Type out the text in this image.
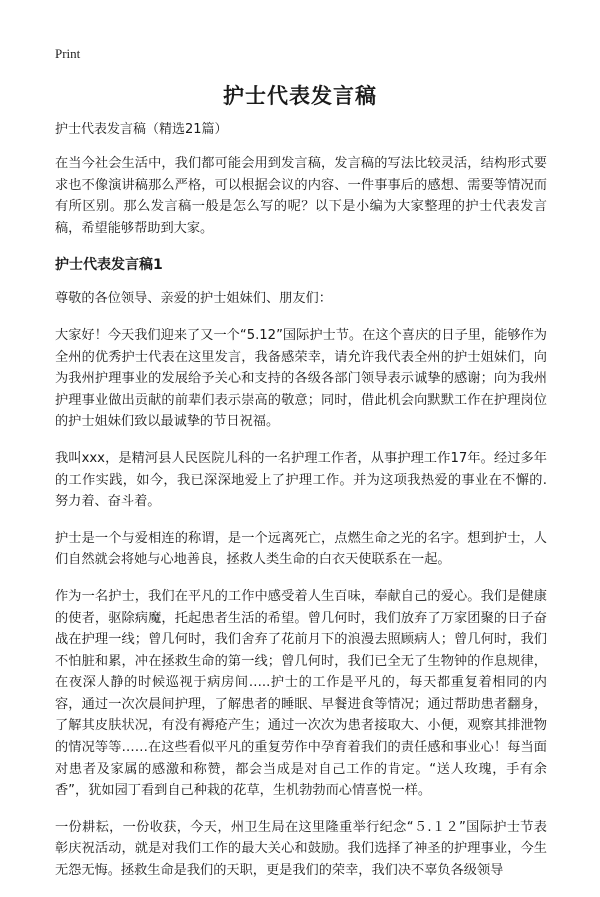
Print
护士代表发言稿
护士代表发言稿（精选21篇）

在当今社会生活中，我们都可能会用到发言稿，发言稿的写法比较灵活，结构形式要求也不像演讲稿那么严格，可以根据会议的内容、一件事事后的感想、需要等情况而有所区别。那么发言稿一般是怎么写的呢？以下是小编为大家整理的护士代表发言稿，希望能够帮助到大家。

护士代表发言稿1

尊敬的各位领导、亲爱的护士姐妹们、朋友们：

大家好！今天我们迎来了又一个“5.12”国际护士节。在这个喜庆的日子里，能够作为全州的优秀护士代表在这里发言，我备感荣幸，请允许我代表全州的护士姐妹们，向为我州护理事业的发展给予关心和支持的各级各部门领导表示诚挚的感谢；向为我州护理事业做出贡献的前辈们表示崇高的敬意；同时，借此机会向默默工作在护理岗位的护士姐妹们致以最诚挚的节日祝福。

我叫xxx，是精河县人民医院儿科的一名护理工作者，从事护理工作17年。经过多年的工作实践，如今，我已深深地爱上了护理工作。并为这项我热爱的事业在不懈的.努力着、奋斗着。

护士是一个与爱相连的称谓，是一个远离死亡，点燃生命之光的名字。想到护士，人们自然就会将她与心地善良，拯救人类生命的白衣天使联系在一起。

作为一名护士，我们在平凡的工作中感受着人生百味，奉献自己的爱心。我们是健康的使者，驱除病魔，托起患者生活的希望。曾几何时，我们放弃了万家团聚的日子奋战在护理一线；曾几何时，我们舍弃了花前月下的浪漫去照顾病人；曾几何时，我们不怕脏和累，冲在拯救生命的第一线；曾几何时，我们已全无了生物钟的作息规律，在夜深人静的时候巡视于病房间…..护士的工作是平凡的，每天都重复着相同的内容，通过一次次晨间护理，了解患者的睡眠、早餐进食等情况；通过帮助患者翻身，了解其皮肤状况，有没有褥疮产生；通过一次次为患者接取大、小便，观察其排泄物的情况等等……在这些看似平凡的重复劳作中孕育着我们的责任感和事业心！每当面对患者及家属的感激和称赞，都会当成是对自己工作的肯定。“送人玫瑰，手有余香”，犹如园丁看到自己种栽的花草，生机勃勃而心情喜悦一样。

一份耕耘，一份收获，今天，州卫生局在这里隆重举行纪念“５.１２”国际护士节表彰庆祝活动，就是对我们工作的最大关心和鼓励。我们选择了神圣的护理事业，今生无怨无悔。拯救生命是我们的天职，更是我们的荣幸，我们决不辜负各级领导
